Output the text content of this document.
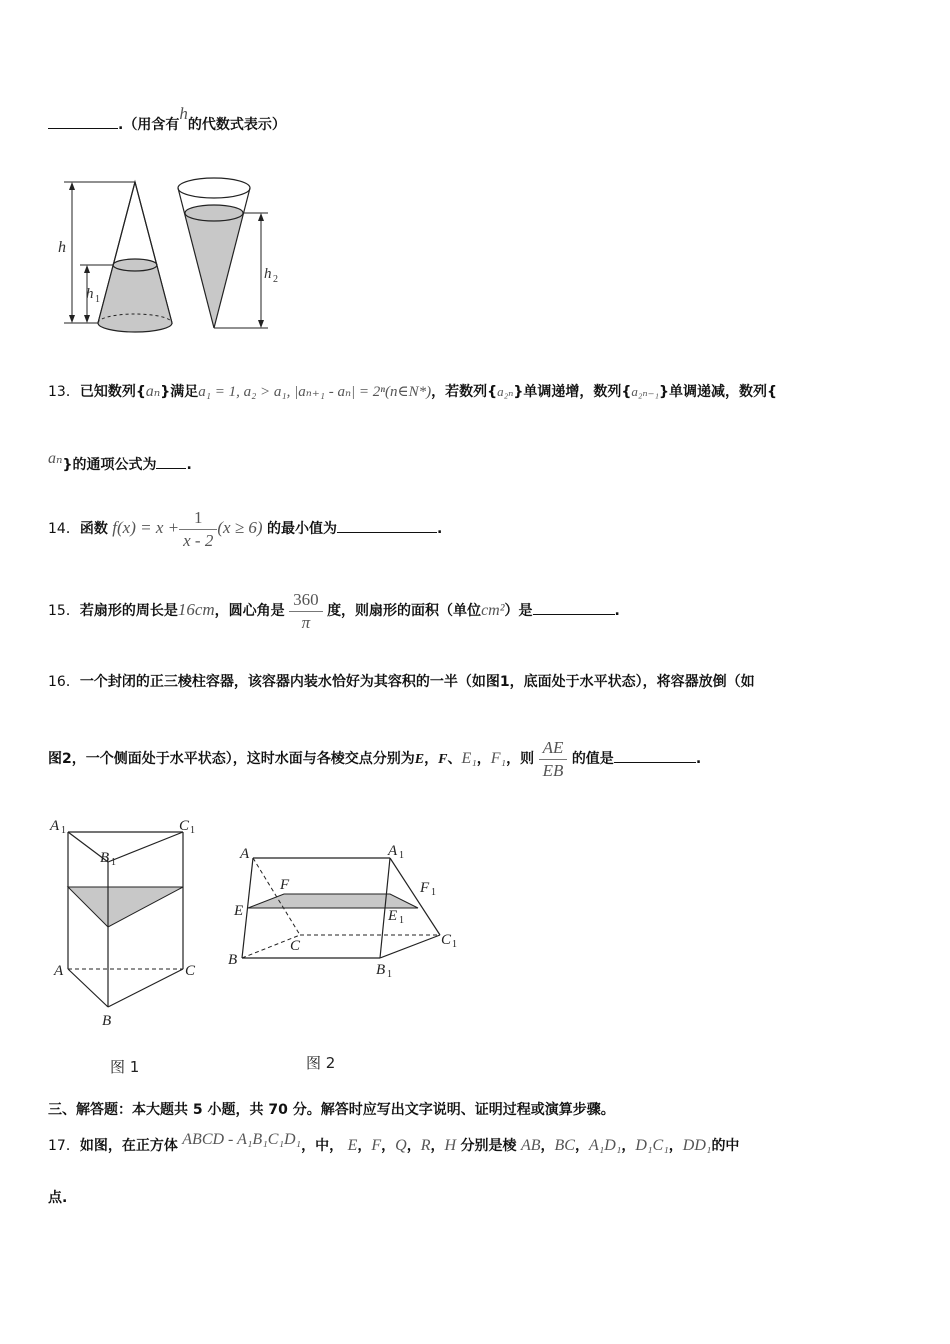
.（用含有h的代数式表示）
h
h 1
h 2
13．已知数列{aₙ}满足a₁ = 1, a₂ > a₁, |aₙ₊₁ - aₙ| = 2ⁿ(n∈N*)，若数列{a₂ₙ}单调递增，数列{a₂ₙ₋₁}单调递减，数列{
aₙ}的通项公式为 .
14．函数 $f(x) = x + \frac{1}{x - 2} (x \ge 6)$ 的最小值为	.
15．若扇形的周长是16cm，圆心角是 $\frac{360}{\pi}$ 度，则扇形的面积（单位cm²）是	.
16．一个封闭的正三棱柱容器，该容器内装水恰好为其容积的一半（如图1，底面处于水平状态），将容器放倒（如
图2，一个侧面处于水平状态），这时水面与各棱交点分别为E，F、E₁，F₁，则 $\frac{AE}{EB}$ 的值是	.
A 1	C 1
B 1
A	C
B
图 1
A	A 1
F	F 1
E	E 1
C	C 1
B
B 1
图 2
三、解答题：本大题共 5 小题，共 70 分。解答时应写出文字说明、证明过程或演算步骤。
17．如图，在正方体 ABCD - A₁B₁C₁D₁，中， E，F，Q，R，H 分别是棱 AB，BC，A₁D₁，D₁C₁，DD₁的中
点.
